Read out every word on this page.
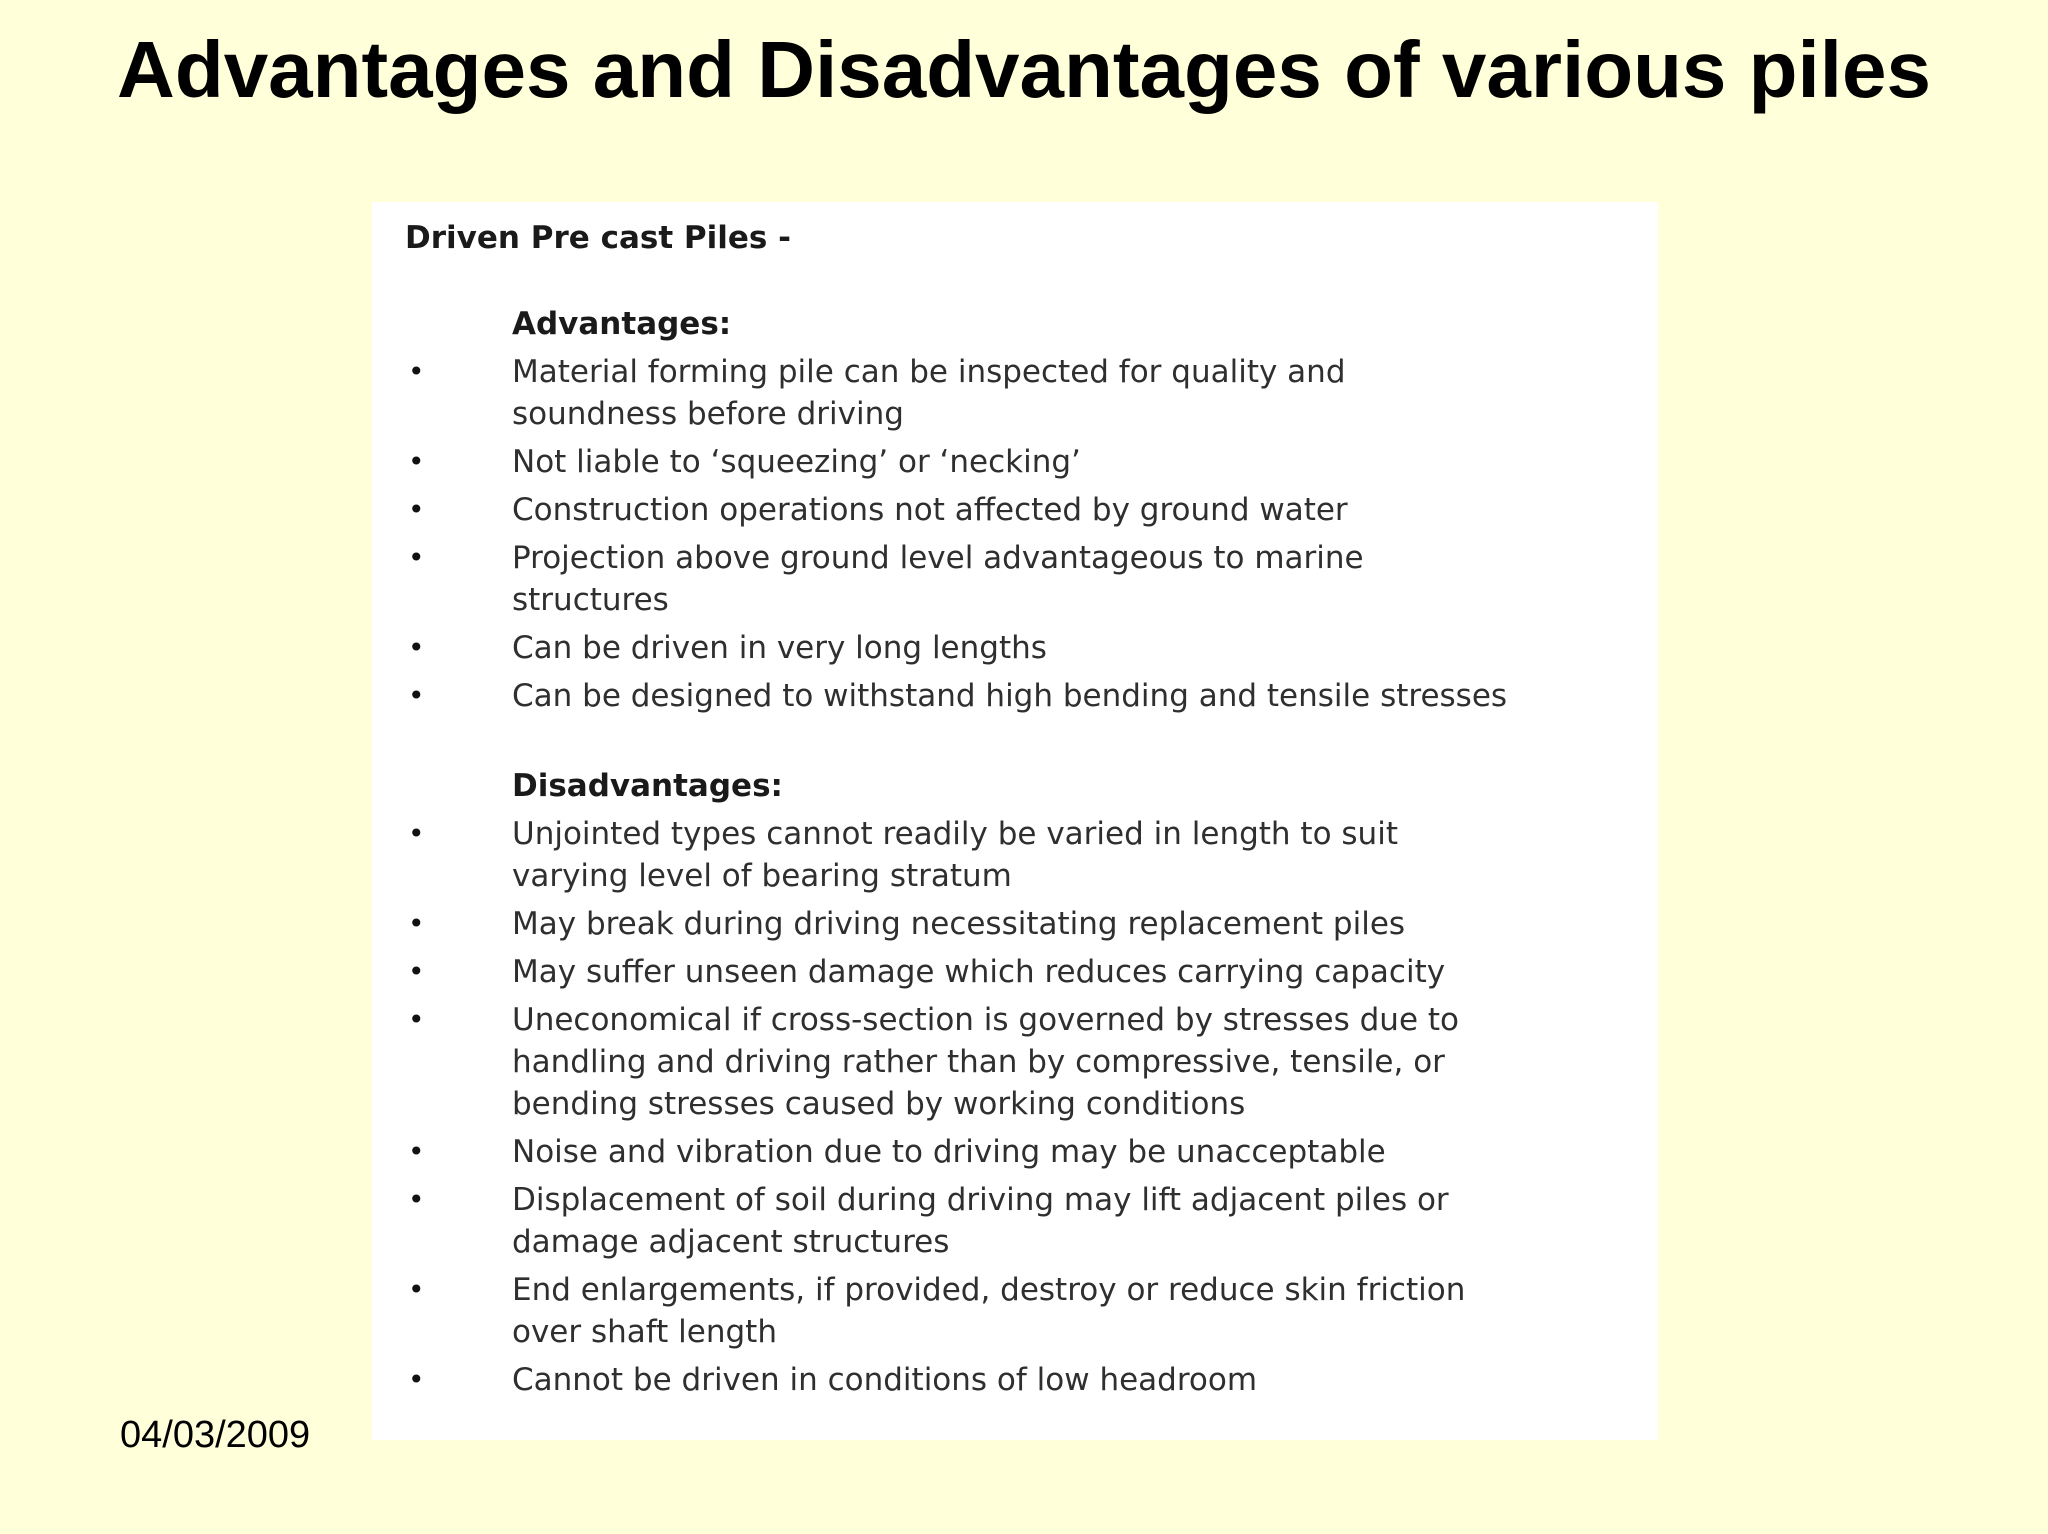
Advantages and Disadvantages of various piles

Driven Pre cast Piles -

Advantages:

•	Material forming pile can be inspected for quality and soundness before driving
•	Not liable to ‘squeezing’ or ‘necking’
•	Construction operations not affected by ground water
•	Projection above ground level advantageous to marine structures
•	Can be driven in very long lengths
•	Can be designed to withstand high bending and tensile stresses

Disadvantages:

•	Unjointed types cannot readily be varied in length to suit varying level of bearing stratum
•	May break during driving necessitating replacement piles
•	May suffer unseen damage which reduces carrying capacity
•	Uneconomical if cross-section is governed by stresses due to handling and driving rather than by compressive, tensile, or bending stresses caused by working conditions
•	Noise and vibration due to driving may be unacceptable
•	Displacement of soil during driving may lift adjacent piles or damage adjacent structures
•	End enlargements, if provided, destroy or reduce skin friction over shaft length
•	Cannot be driven in conditions of low headroom
04/03/2009
